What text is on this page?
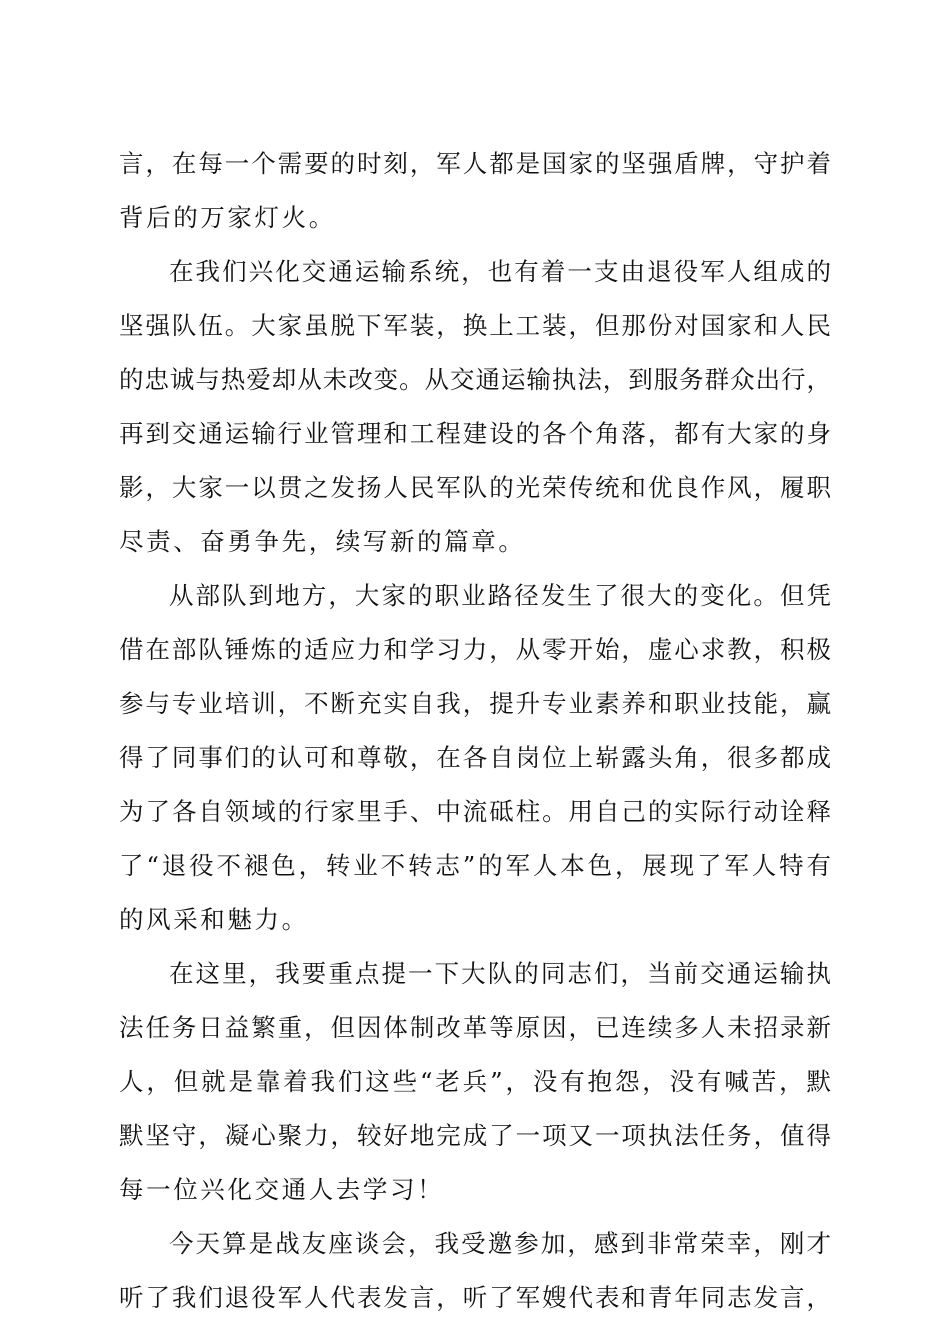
言，在每一个需要的时刻，军人都是国家的坚强盾牌，守护着
背后的万家灯火。
在我们兴化交通运输系统，也有着一支由退役军人组成的
坚强队伍。大家虽脱下军装，换上工装，但那份对国家和人民
的忠诚与热爱却从未改变。从交通运输执法，到服务群众出行，
再到交通运输行业管理和工程建设的各个角落，都有大家的身
影，大家一以贯之发扬人民军队的光荣传统和优良作风，履职
尽责、奋勇争先，续写新的篇章。
从部队到地方，大家的职业路径发生了很大的变化。但凭
借在部队锤炼的适应力和学习力，从零开始，虚心求教，积极
参与专业培训，不断充实自我，提升专业素养和职业技能，赢
得了同事们的认可和尊敬，在各自岗位上崭露头角，很多都成
为了各自领域的行家里手、中流砥柱。用自己的实际行动诠释
了“退役不褪色，转业不转志”的军人本色，展现了军人特有
的风采和魅力。
在这里，我要重点提一下大队的同志们，当前交通运输执
法任务日益繁重，但因体制改革等原因，已连续多人未招录新
人，但就是靠着我们这些“老兵”，没有抱怨，没有喊苦，默
默坚守，凝心聚力，较好地完成了一项又一项执法任务，值得
每一位兴化交通人去学习！
今天算是战友座谈会，我受邀参加，感到非常荣幸，刚才
听了我们退役军人代表发言，听了军嫂代表和青年同志发言，
